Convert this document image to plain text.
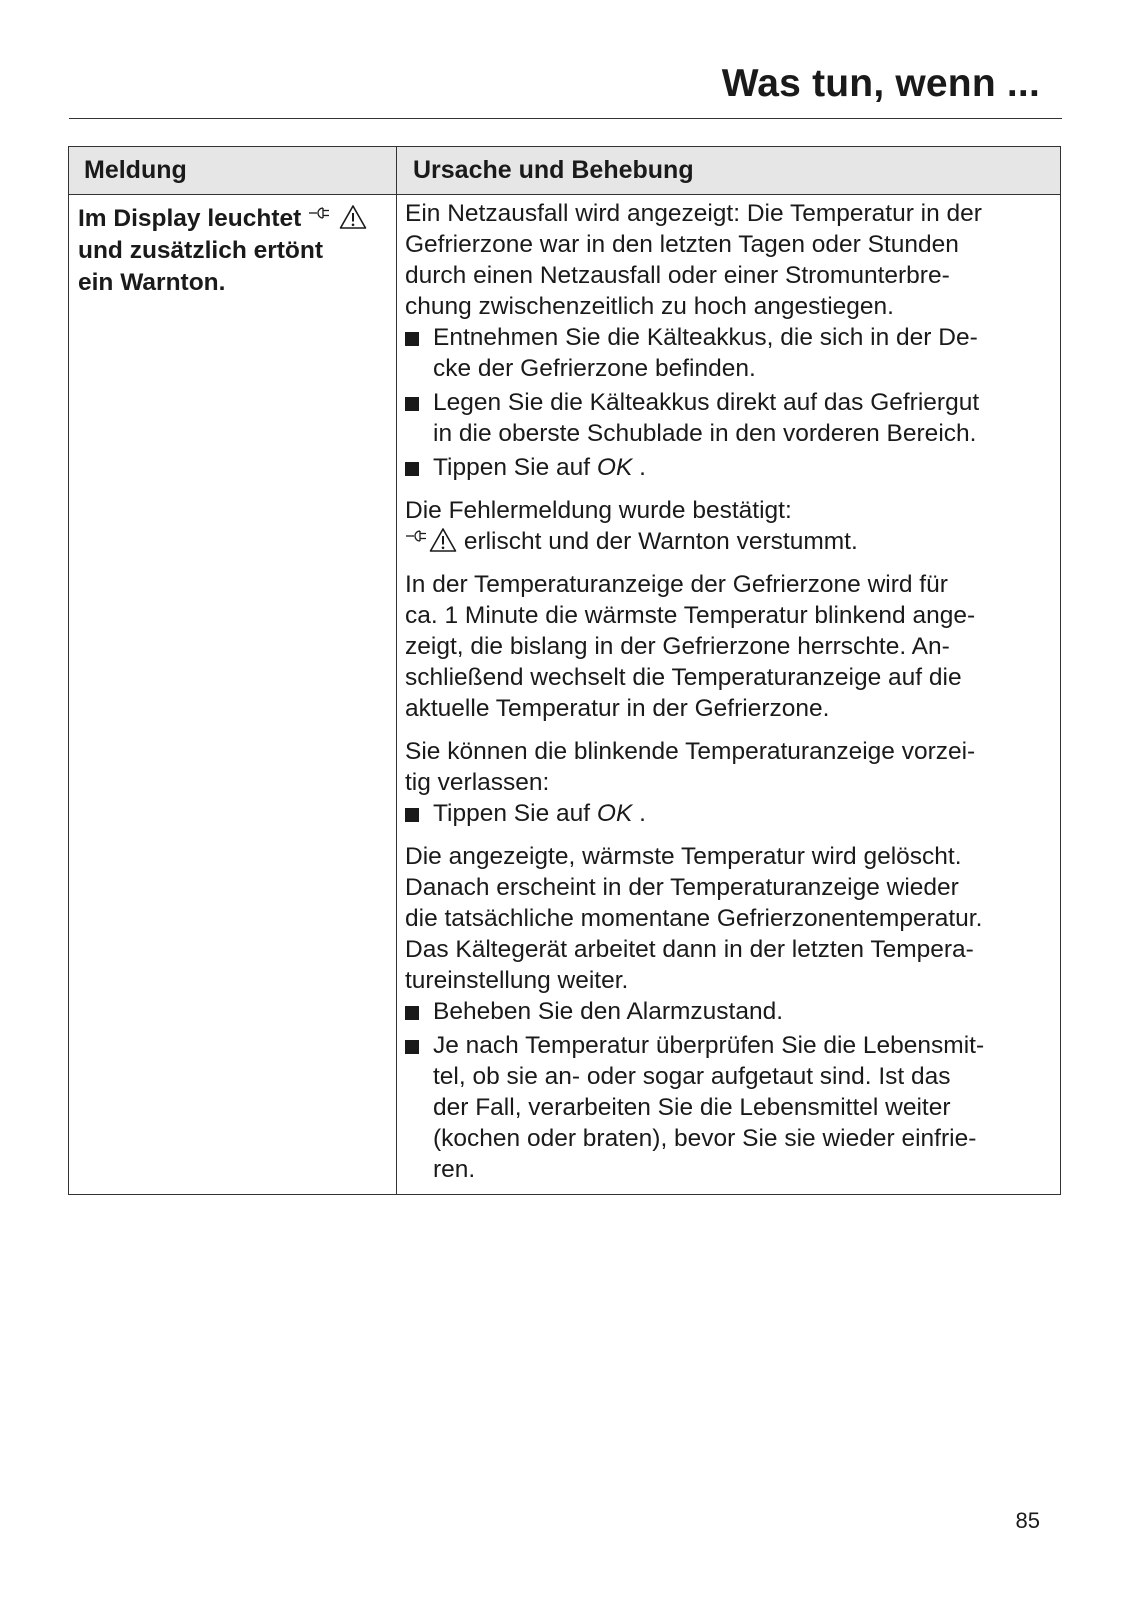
Was tun, wenn ...
Meldung	Ursache und Behebung
Im Display leuchtet
und zusätzlich ertönt
ein Warnton.
Ein Netzausfall wird angezeigt: Die Temperatur in der
Gefrierzone war in den letzten Tagen oder Stunden
durch einen Netzausfall oder einer Stromunterbre-
chung zwischenzeitlich zu hoch angestiegen.
Entnehmen Sie die Kälteakkus, die sich in der De-
cke der Gefrierzone befinden.
Legen Sie die Kälteakkus direkt auf das Gefriergut
in die oberste Schublade in den vorderen Bereich.
Tippen Sie auf OK .
Die Fehlermeldung wurde bestätigt:
erlischt und der Warnton verstummt.
In der Temperaturanzeige der Gefrierzone wird für
ca. 1 Minute die wärmste Temperatur blinkend ange-
zeigt, die bislang in der Gefrierzone herrschte. An-
schließend wechselt die Temperaturanzeige auf die
aktuelle Temperatur in der Gefrierzone.
Sie können die blinkende Temperaturanzeige vorzei-
tig verlassen:
Tippen Sie auf OK .
Die angezeigte, wärmste Temperatur wird gelöscht.
Danach erscheint in der Temperaturanzeige wieder
die tatsächliche momentane Gefrierzonentemperatur.
Das Kältegerät arbeitet dann in der letzten Tempera-
tureinstellung weiter.
Beheben Sie den Alarmzustand.
Je nach Temperatur überprüfen Sie die Lebensmit-
tel, ob sie an- oder sogar aufgetaut sind. Ist das
der Fall, verarbeiten Sie die Lebensmittel weiter
(kochen oder braten), bevor Sie sie wieder einfrie-
ren.
85
